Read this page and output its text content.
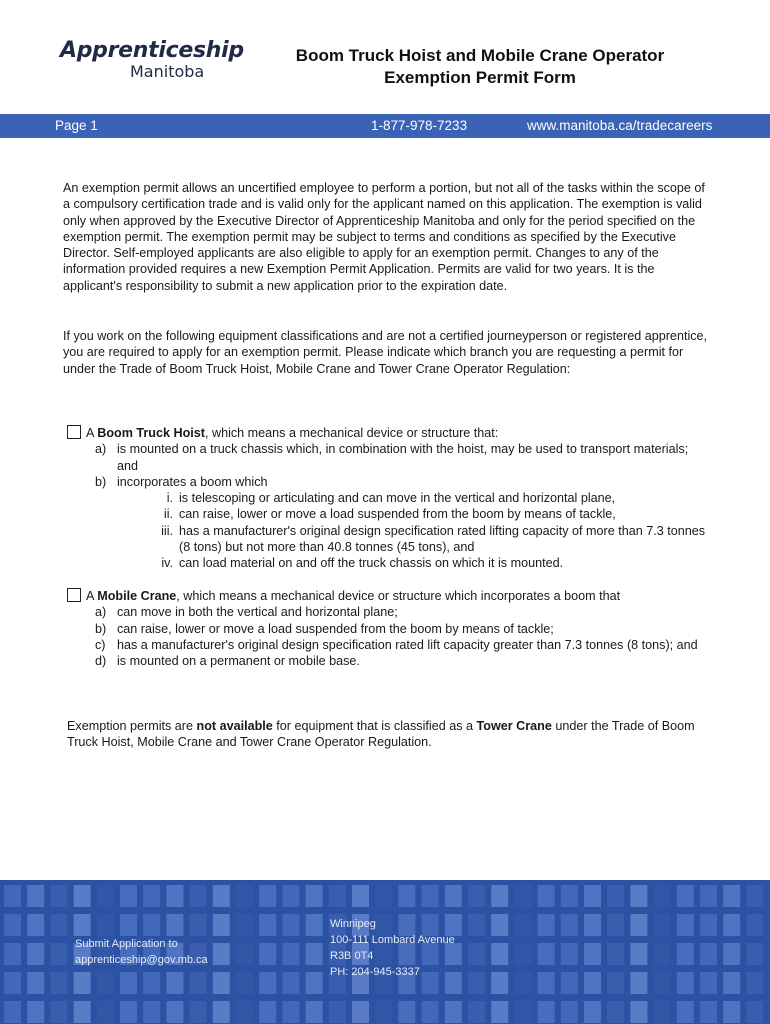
Apprenticeship
Manitoba
Boom Truck Hoist and Mobile Crane Operator
Exemption Permit Form
Page 1	1-877-978-7233	www.manitoba.ca/tradecareers

An exemption permit allows an uncertified employee to perform a portion, but not all of the tasks within the scope of a compulsory certification trade and is valid only for the applicant named on this application. The exemption is valid only when approved by the Executive Director of Apprenticeship Manitoba and only for the period specified on the exemption permit. The exemption permit may be subject to terms and conditions as specified by the Executive Director. Self-employed applicants are also eligible to apply for an exemption permit. Changes to any of the information provided requires a new Exemption Permit Application. Permits are valid for two years. It is the applicant's responsibility to submit a new application prior to the expiration date.

If you work on the following equipment classifications and are not a certified journeyperson or registered apprentice, you are required to apply for an exemption permit. Please indicate which branch you are requesting a permit for under the Trade of Boom Truck Hoist, Mobile Crane and Tower Crane Operator Regulation:

A Boom Truck Hoist, which means a mechanical device or structure that:
a) is mounted on a truck chassis which, in combination with the hoist, may be used to transport materials; and
b) incorporates a boom which
i. is telescoping or articulating and can move in the vertical and horizontal plane,
ii. can raise, lower or move a load suspended from the boom by means of tackle,
iii. has a manufacturer's original design specification rated lifting capacity of more than 7.3 tonnes (8 tons) but not more than 40.8 tonnes (45 tons), and
iv. can load material on and off the truck chassis on which it is mounted.
A Mobile Crane, which means a mechanical device or structure which incorporates a boom that
a) can move in both the vertical and horizontal plane;
b) can raise, lower or move a load suspended from the boom by means of tackle;
c) has a manufacturer's original design specification rated lift capacity greater than 7.3 tonnes (8 tons); and
d) is mounted on a permanent or mobile base.

Exemption permits are not available for equipment that is classified as a Tower Crane under the Trade of Boom Truck Hoist, Mobile Crane and Tower Crane Operator Regulation.

Submit Application to
apprenticeship@gov.mb.ca
Winnipeg
100-111 Lombard Avenue
R3B 0T4
PH: 204-945-3337
